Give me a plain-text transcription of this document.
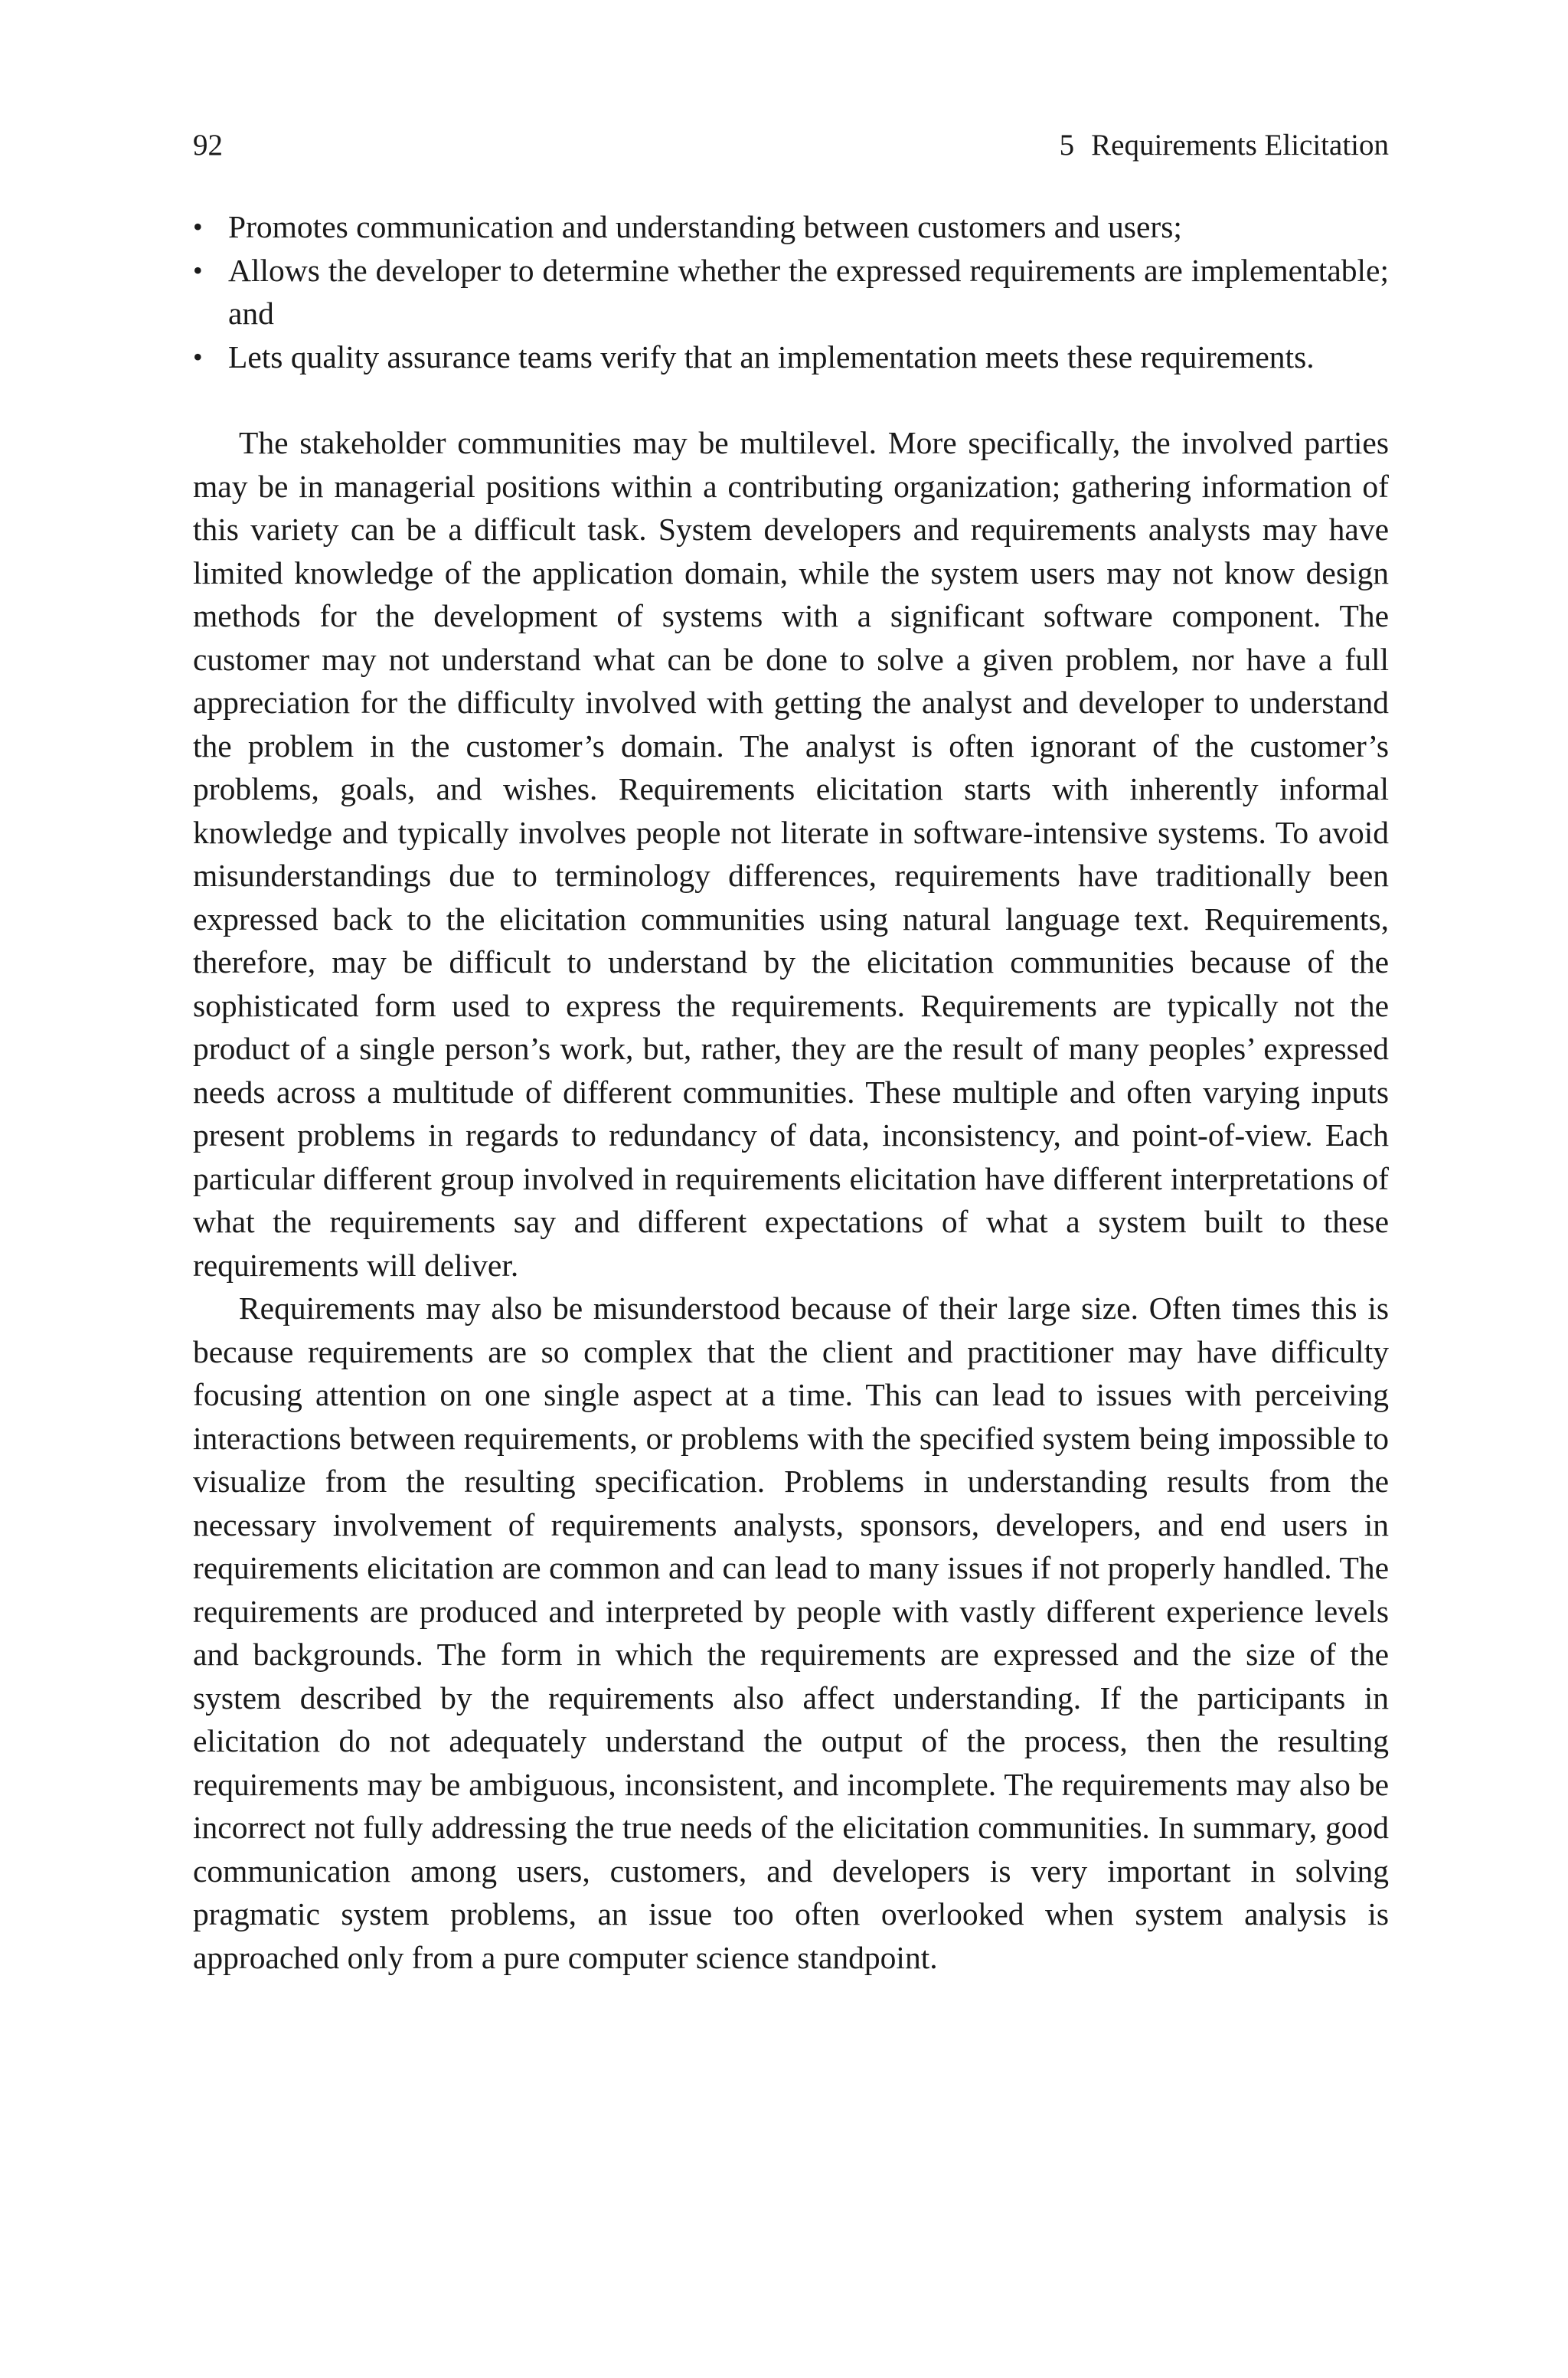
92	5 Requirements Elicitation
• Promotes communication and understanding between customers and users;
• Allows the developer to determine whether the expressed requirements are implementable; and
• Lets quality assurance teams verify that an implementation meets these requirements.

The stakeholder communities may be multilevel. More specifically, the involved parties may be in managerial positions within a contributing organization; gathering information of this variety can be a difficult task. System developers and requirements analysts may have limited knowledge of the application domain, while the system users may not know design methods for the development of systems with a significant software component. The customer may not understand what can be done to solve a given problem, nor have a full appreciation for the difficulty involved with getting the analyst and developer to understand the problem in the customer’s domain. The analyst is often ignorant of the customer’s problems, goals, and wishes. Requirements elicitation starts with inherently informal knowledge and typically involves people not literate in software-intensive systems. To avoid misunderstandings due to terminology differences, requirements have traditionally been expressed back to the elicitation communities using natural language text. Requirements, therefore, may be difficult to understand by the elicitation communities because of the sophisticated form used to express the requirements. Requirements are typically not the product of a single person’s work, but, rather, they are the result of many peoples’ expressed needs across a multitude of different communities. These multiple and often varying inputs present problems in regards to redundancy of data, inconsistency, and point-of-view. Each particular different group involved in requirements elicitation have different interpretations of what the requirements say and different expectations of what a system built to these requirements will deliver.

Requirements may also be misunderstood because of their large size. Often times this is because requirements are so complex that the client and practitioner may have difficulty focusing attention on one single aspect at a time. This can lead to issues with perceiving interactions between requirements, or problems with the specified system being impossible to visualize from the resulting specification. Problems in understanding results from the necessary involvement of requirements analysts, sponsors, developers, and end users in requirements elicitation are common and can lead to many issues if not properly handled. The requirements are produced and interpreted by people with vastly different experience levels and backgrounds. The form in which the requirements are expressed and the size of the system described by the requirements also affect understanding. If the participants in elicitation do not adequately understand the output of the process, then the resulting requirements may be ambiguous, inconsistent, and incomplete. The requirements may also be incorrect not fully addressing the true needs of the elicitation communities. In summary, good communication among users, customers, and developers is very important in solving pragmatic system problems, an issue too often overlooked when system analysis is approached only from a pure computer science standpoint.
